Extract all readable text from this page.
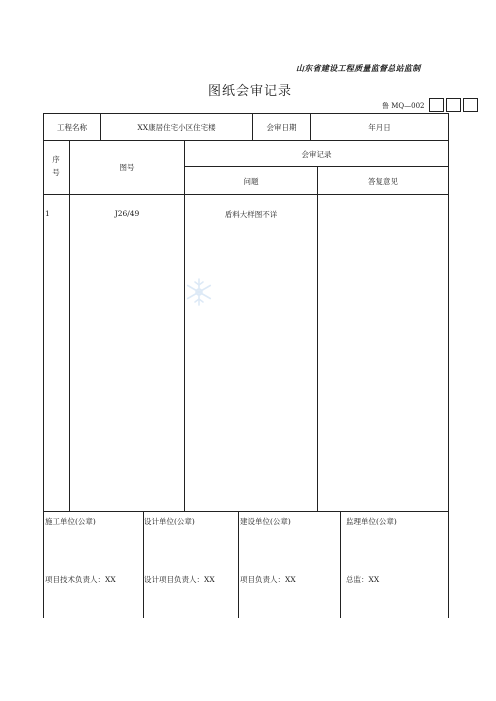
山东省建设工程质量监督总站监制
图纸会审记录
鲁 MQ—002
工程名称	XX康居住宅小区住宅楼	会审日期	年月日
序号
图号
会审记录
问题	答复意见
1	J26/49	盾料大样图不详
施工单位(公章)	设计单位(公章)	建设单位(公章)	监理单位(公章)
项目技术负责人：XX	设计项目负责人：XX	项目负责人：XX	总监：XX
